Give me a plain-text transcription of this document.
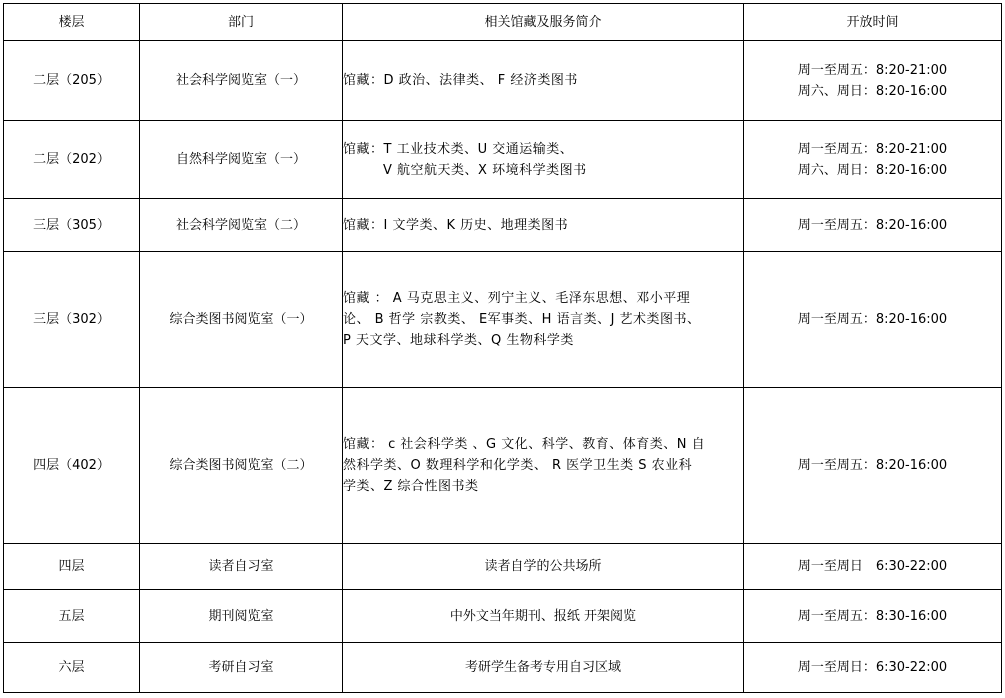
楼层	部门	相关馆藏及服务简介	开放时间
二层（205）	社会科学阅览室（一）	馆藏：D 政治、法律类、 F 经济类图书	周一至周五：8:20-21:00
周六、周日：8:20-16:00

二层（202）	自然科学阅览室（一）	馆藏：T 工业技术类、U 交通运输类、
V 航空航天类、X 环境科学类图书	周一至周五：8:20-21:00
周六、周日：8:20-16:00

三层（305）	社会科学阅览室（二）	馆藏：I 文学类、K 历史、地理类图书	周一至周五：8:20-16:00

三层（302）	综合类图书阅览室（一）	馆藏 ： A 马克思主义、列宁主义、毛泽东思想、邓小平理
论、 B 哲学 宗教类、 E军事类、H 语言类、J 艺术类图书、
P 天文学、地球科学类、Q 生物科学类	周一至周五：8:20-16:00

四层（402）	综合类图书阅览室（二）	馆藏： c 社会科学类 、G 文化、科学、教育、体育类、N 自
然科学类、O 数理科学和化学类、 R 医学卫生类 S 农业科
学类、Z 综合性图书类	周一至周五：8:20-16:00

四层	读者自习室	读者自学的公共场所	周一至周日　6:30-22:00

五层	期刊阅览室	中外文当年期刊、报纸 开架阅览	周一至周五：8:30-16:00

六层	考研自习室	考研学生备考专用自习区域	周一至周日：6:30-22:00
